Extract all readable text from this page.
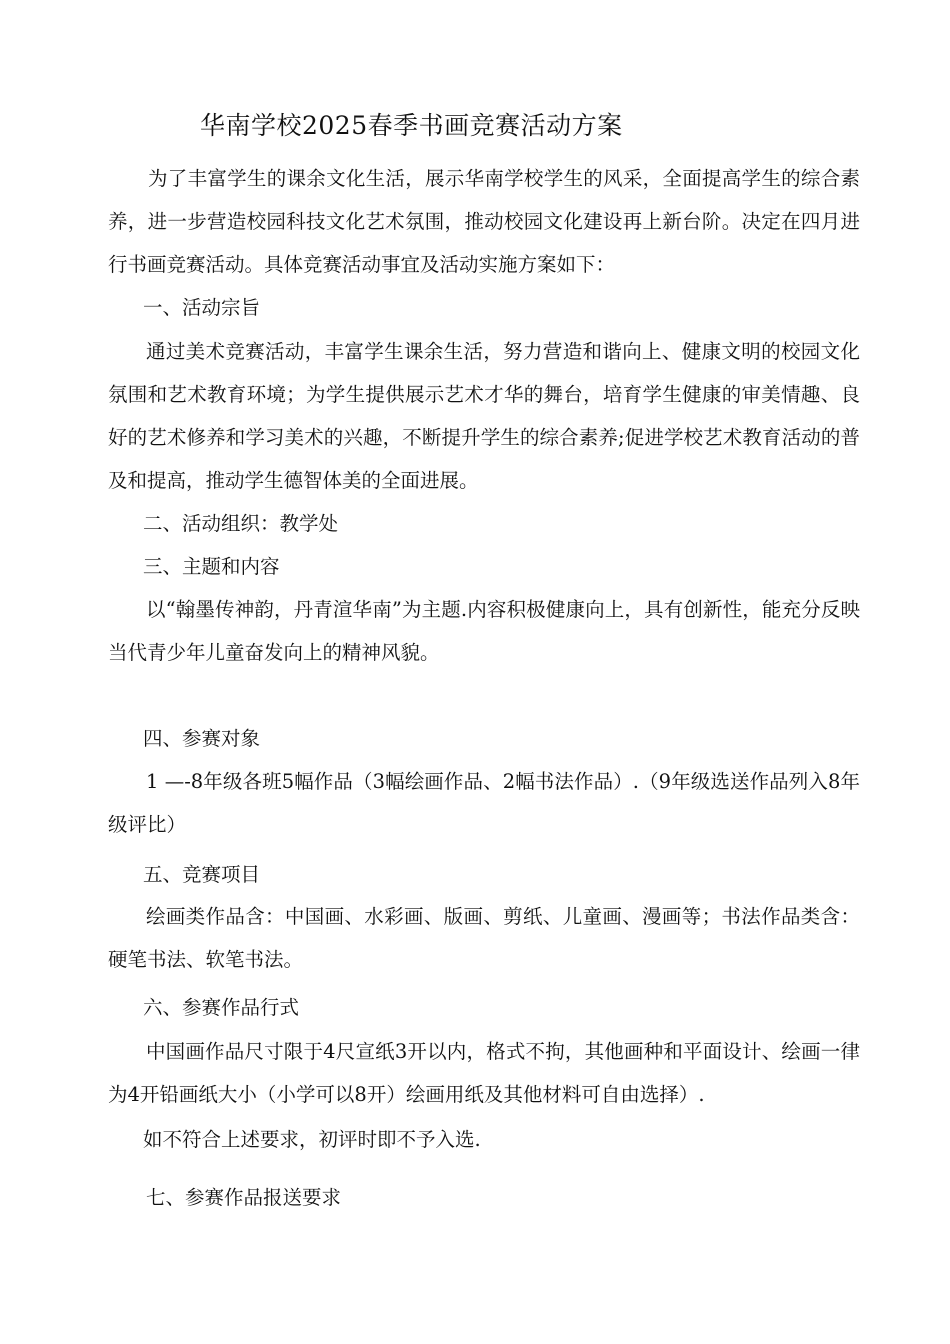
华南学校2025春季书画竞赛活动方案
为了丰富学生的课余文化生活，展示华南学校学生的风采，全面提高学生的综合素养，进一步营造校园科技文化艺术氛围，推动校园文化建设再上新台阶。决定在四月进行书画竞赛活动。具体竞赛活动事宜及活动实施方案如下：
一、活动宗旨
通过美术竞赛活动，丰富学生课余生活，努力营造和谐向上、健康文明的校园文化氛围和艺术教育环境；为学生提供展示艺术才华的舞台，培育学生健康的审美情趣、良好的艺术修养和学习美术的兴趣，不断提升学生的综合素养;促进学校艺术教育活动的普及和提高，推动学生德智体美的全面进展。
二、活动组织：教学处
三、主题和内容
以“翰墨传神韵，丹青渲华南”为主题.内容积极健康向上，具有创新性，能充分反映当代青少年儿童奋发向上的精神风貌。
四、参赛对象
1 —-8年级各班5幅作品（3幅绘画作品、2幅书法作品）.（9年级选送作品列入8年级评比）
五、竞赛项目
绘画类作品含：中国画、水彩画、版画、剪纸、儿童画、漫画等；书法作品类含：硬笔书法、软笔书法。
六、参赛作品行式
中国画作品尺寸限于4尺宣纸3开以内，格式不拘，其他画种和平面设计、绘画一律为4开铅画纸大小（小学可以8开）绘画用纸及其他材料可自由选择）.
如不符合上述要求，初评时即不予入选.
七、参赛作品报送要求
